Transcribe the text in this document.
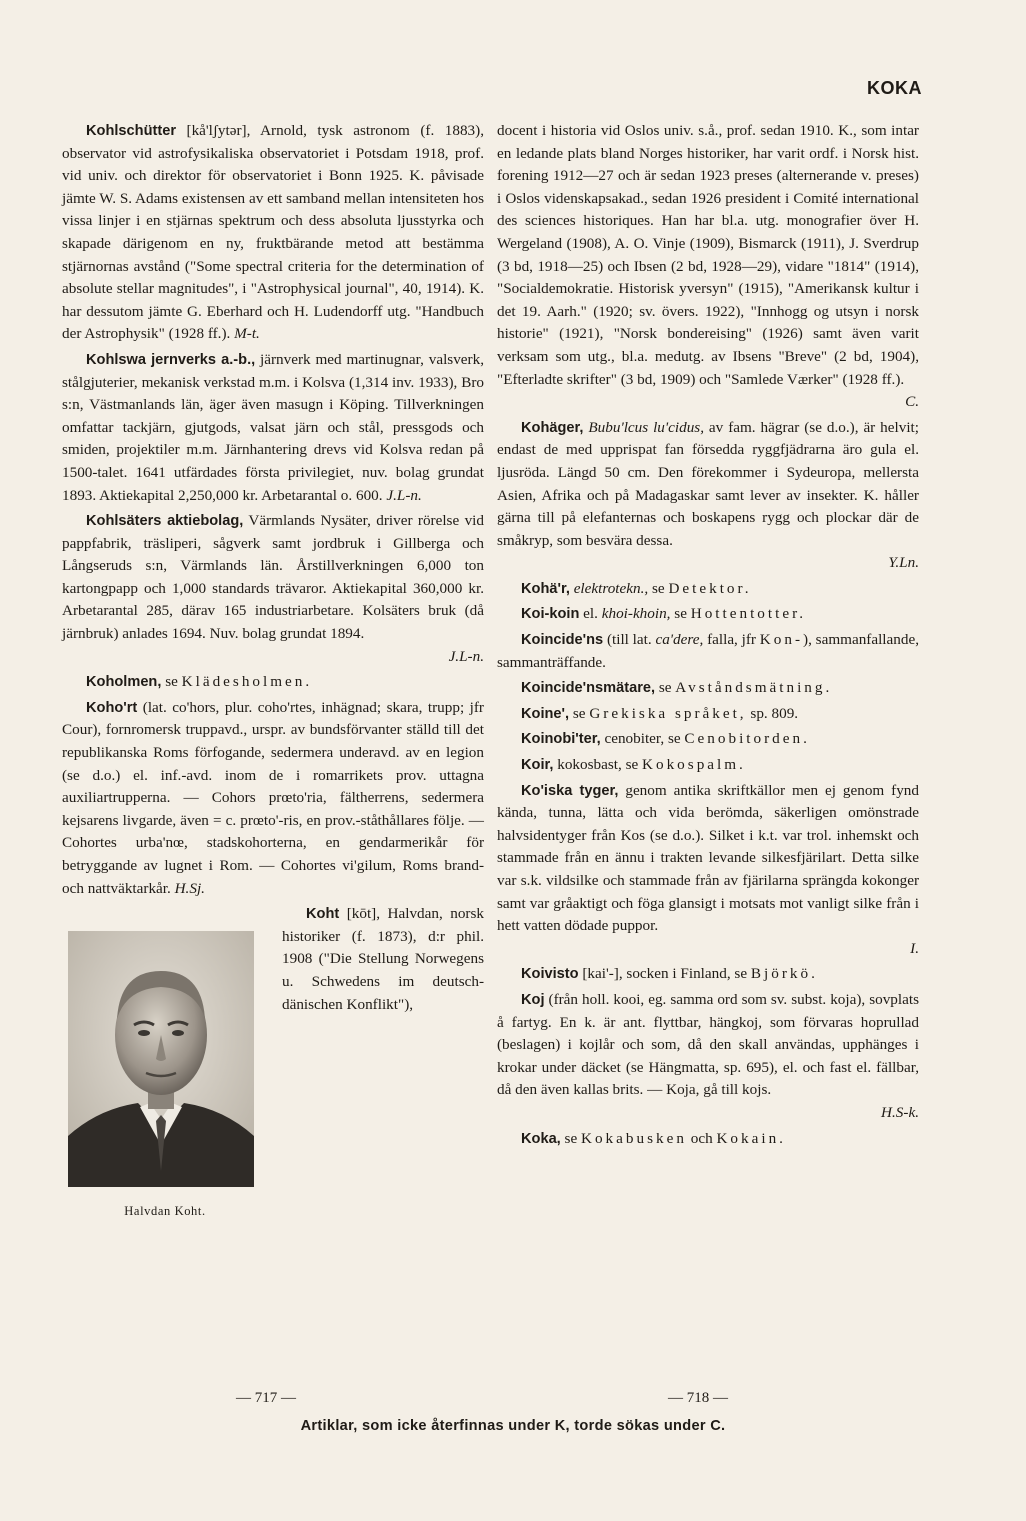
KOKA

Kohlschütter [kå'lʃytər], Arnold, tysk astronom (f. 1883), observator vid astrofysikaliska observatoriet i Potsdam 1918, prof. vid univ. och direktor för observatoriet i Bonn 1925. K. påvisade jämte W. S. Adams existensen av ett samband mellan intensiteten hos vissa linjer i en stjärnas spektrum och dess absoluta ljusstyrka och skapade därigenom en ny, fruktbärande metod att bestämma stjärnornas avstånd ("Some spectral criteria for the determination of absolute stellar magnitudes", i "Astrophysical journal", 40, 1914). K. har dessutom jämte G. Eberhard och H. Ludendorff utg. "Handbuch der Astrophysik" (1928 ff.). M-t.

Kohlswa jernverks a.-b., järnverk med martinugnar, valsverk, stålgjuterier, mekanisk verkstad m.m. i Kolsva (1,314 inv. 1933), Bro s:n, Västmanlands län, äger även masugn i Köping. Tillverkningen omfattar tackjärn, gjutgods, valsat järn och stål, pressgods och smiden, projektiler m.m. Järnhantering drevs vid Kolsva redan på 1500-talet. 1641 utfärdades första privilegiet, nuv. bolag grundat 1893. Aktiekapital 2,250,000 kr. Arbetarantal o. 600. J.L-n.

Kohlsäters aktiebolag, Värmlands Nysäter, driver rörelse vid pappfabrik, träsliperi, sågverk samt jordbruk i Gillberga och Långseruds s:n, Värmlands län. Årstillverkningen 6,000 ton kartongpapp och 1,000 standards trävaror. Aktiekapital 360,000 kr. Arbetarantal 285, därav 165 industriarbetare. Kolsäters bruk (då järnbruk) anlades 1694. Nuv. bolag grundat 1894.

J.L-n.

Koholmen, se Klädesholmen.

Koho'rt (lat. co'hors, plur. coho'rtes, inhägnad; skara, trupp; jfr Cour), fornromersk truppavd., urspr. av bundsförvanter ställd till det republikanska Roms förfogande, sedermera underavd. av en legion (se d.o.) el. inf.-avd. inom de i romarrikets prov. uttagna auxiliartrupperna. — Cohors prœto'ria, fältherrens, sedermera kejsarens livgarde, även = c. prœto'-ris, en prov.-ståthållares följe. — Cohortes urba'nœ, stadskohorterna, en gendarmerikår för betryggande av lugnet i Rom. — Cohortes vi'gilum, Roms brand- och nattväktarkår. H.Sj.

Halvdan Koht.

Koht [kōt], Halvdan, norsk historiker (f. 1873), d:r phil. 1908 ("Die Stellung Norwegens u. Schwedens im deutsch-dänischen Konflikt"),

docent i historia vid Oslos univ. s.å., prof. sedan 1910. K., som intar en ledande plats bland Norges historiker, har varit ordf. i Norsk hist. forening 1912—27 och är sedan 1923 preses (alternerande v. preses) i Oslos videnskapsakad., sedan 1926 president i Comité international des sciences historiques. Han har bl.a. utg. monografier över H. Wergeland (1908), A. O. Vinje (1909), Bismarck (1911), J. Sverdrup (3 bd, 1918—25) och Ibsen (2 bd, 1928—29), vidare "1814" (1914), "Socialdemokratie. Historisk yversyn" (1915), "Amerikansk kultur i det 19. Aarh." (1920; sv. övers. 1922), "Innhogg og utsyn i norsk historie" (1921), "Norsk bondereising" (1926) samt även varit verksam som utg., bl.a. medutg. av Ibsens "Breve" (2 bd, 1904), "Efterladte skrifter" (3 bd, 1909) och "Samlede Værker" (1928 ff.).

C.

Kohäger, Bubu'lcus lu'cidus, av fam. hägrar (se d.o.), är helvit; endast de med upprispat fan försedda ryggfjädrarna äro gula el. ljusröda. Längd 50 cm. Den förekommer i Sydeuropa, mellersta Asien, Afrika och på Madagaskar samt lever av insekter. K. håller gärna till på elefanternas och boskapens rygg och plockar där de småkryp, som besvära dessa.

Y.Ln.

Kohä'r, elektrotekn., se Detektor.

Koi-koin el. khoi-khoin, se Hottentotter.

Koincide'ns (till lat. ca'dere, falla, jfr Kon-), sammanfallande, sammanträffande.

Koincide'nsmätare, se Avståndsmätning.

Koine', se Grekiska språket, sp. 809.

Koinobi'ter, cenobiter, se Cenobitorden.

Koir, kokosbast, se Kokospalm.

Ko'iska tyger, genom antika skriftkällor men ej genom fynd kända, tunna, lätta och vida berömda, säkerligen omönstrade halvsidentyger från Kos (se d.o.). Silket i k.t. var trol. inhemskt och stammade från en ännu i trakten levande silkesfjärilart. Detta silke var s.k. vildsilke och stammade från av fjärilarna sprängda kokonger samt var gråaktigt och föga glansigt i motsats mot vanligt silke från i hett vatten dödade puppor.

I.

Koivisto [kai'-], socken i Finland, se Björkö.

Koj (från holl. kooi, eg. samma ord som sv. subst. koja), sovplats å fartyg. En k. är ant. flyttbar, hängkoj, som förvaras hoprullad (beslagen) i kojlår och som, då den skall användas, upphänges i krokar under däcket (se Hängmatta, sp. 695), el. och fast el. fällbar, då den även kallas brits. — Koja, gå till kojs.

H.S-k.

Koka, se Kokabusken och Kokain.

— 717 —	— 718 —
Artiklar, som icke återfinnas under K, torde sökas under C.
